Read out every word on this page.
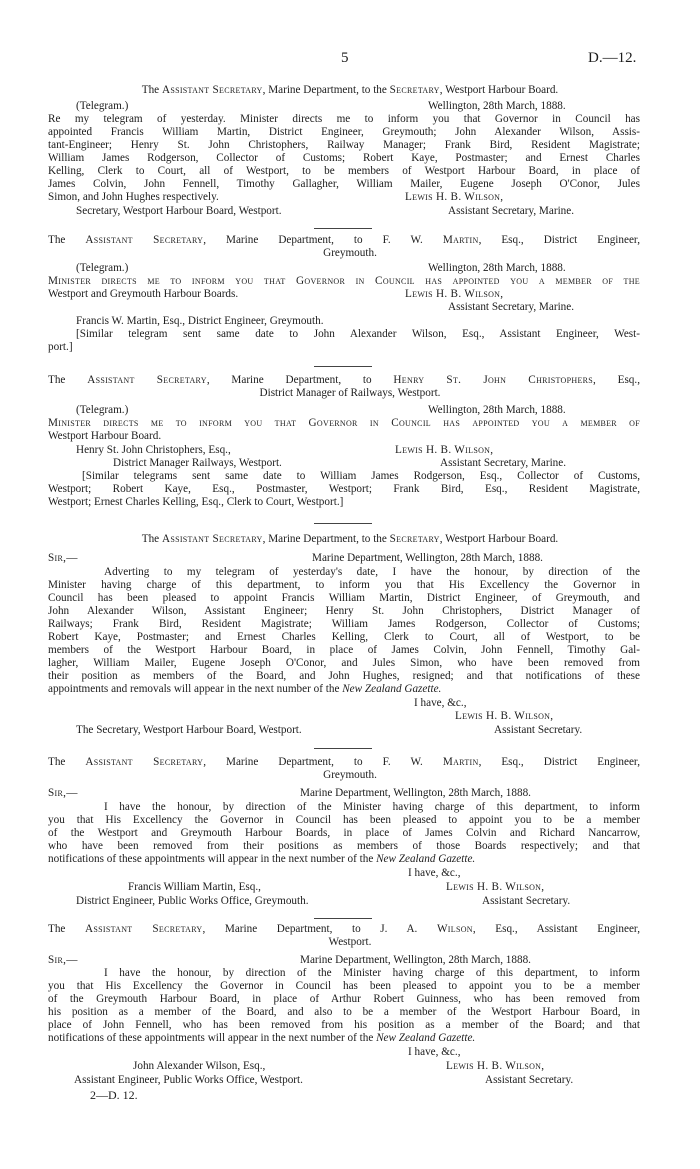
5	D.—12.
The Assistant Secretary, Marine Department, to the Secretary, Westport Harbour Board.
(Telegram.)	Wellington, 28th March, 1888.
Re my telegram of yesterday. Minister directs me to inform you that Governor in Council has
appointed Francis William Martin, District Engineer, Greymouth; John Alexander Wilson, Assis-
tant-Engineer; Henry St. John Christophers, Railway Manager; Frank Bird, Resident Magistrate;
William James Rodgerson, Collector of Customs; Robert Kaye, Postmaster; and Ernest Charles
Kelling, Clerk to Court, all of Westport, to be members of Westport Harbour Board, in place of
James Colvin, John Fennell, Timothy Gallagher, William Mailer, Eugene Joseph O'Conor, Jules
Simon, and John Hughes respectively.	Lewis H. B. Wilson,
Secretary, Westport Harbour Board, Westport.	Assistant Secretary, Marine.
The Assistant Secretary, Marine Department, to F. W. Martin, Esq., District Engineer,
Greymouth.
(Telegram.)	Wellington, 28th March, 1888.
Minister directs me to inform you that Governor in Council has appointed you a member of the
Westport and Greymouth Harbour Boards.	Lewis H. B. Wilson,
Assistant Secretary, Marine.
Francis W. Martin, Esq., District Engineer, Greymouth.
[Similar telegram sent same date to John Alexander Wilson, Esq., Assistant Engineer, West-
port.]
The Assistant Secretary, Marine Department, to Henry St. John Christophers, Esq.,
District Manager of Railways, Westport.
(Telegram.)	Wellington, 28th March, 1888.
Minister directs me to inform you that Governor in Council has appointed you a member of
Westport Harbour Board.
Henry St. John Christophers, Esq.,	Lewis H. B. Wilson,
District Manager Railways, Westport.	Assistant Secretary, Marine.
[Similar telegrams sent same date to William James Rodgerson, Esq., Collector of Customs,
Westport; Robert Kaye, Esq., Postmaster, Westport; Frank Bird, Esq., Resident Magistrate,
Westport; Ernest Charles Kelling, Esq., Clerk to Court, Westport.]
The Assistant Secretary, Marine Department, to the Secretary, Westport Harbour Board.
Sir,—	Marine Department, Wellington, 28th March, 1888.
Adverting to my telegram of yesterday's date, I have the honour, by direction of the
Minister having charge of this department, to inform you that His Excellency the Governor in
Council has been pleased to appoint Francis William Martin, District Engineer, of Greymouth, and
John Alexander Wilson, Assistant Engineer; Henry St. John Christophers, District Manager of
Railways; Frank Bird, Resident Magistrate; William James Rodgerson, Collector of Customs;
Robert Kaye, Postmaster; and Ernest Charles Kelling, Clerk to Court, all of Westport, to be
members of the Westport Harbour Board, in place of James Colvin, John Fennell, Timothy Gal-
lagher, William Mailer, Eugene Joseph O'Conor, and Jules Simon, who have been removed from
their position as members of the Board, and John Hughes, resigned; and that notifications of these
appointments and removals will appear in the next number of the New Zealand Gazette.
I have, &c.,
Lewis H. B. Wilson,
The Secretary, Westport Harbour Board, Westport.	Assistant Secretary.
The Assistant Secretary, Marine Department, to F. W. Martin, Esq., District Engineer,
Greymouth.
Sir,—	Marine Department, Wellington, 28th March, 1888.
I have the honour, by direction of the Minister having charge of this department, to inform
you that His Excellency the Governor in Council has been pleased to appoint you to be a member
of the Westport and Greymouth Harbour Boards, in place of James Colvin and Richard Nancarrow,
who have been removed from their positions as members of those Boards respectively; and that
notifications of these appointments will appear in the next number of the New Zealand Gazette.
I have, &c.,
Francis William Martin, Esq.,	Lewis H. B. Wilson,
District Engineer, Public Works Office, Greymouth.	Assistant Secretary.
The Assistant Secretary, Marine Department, to J. A. Wilson, Esq., Assistant Engineer,
Westport.
Sir,—	Marine Department, Wellington, 28th March, 1888.
I have the honour, by direction of the Minister having charge of this department, to inform
you that His Excellency the Governor in Council has been pleased to appoint you to be a member
of the Greymouth Harbour Board, in place of Arthur Robert Guinness, who has been removed from
his position as a member of the Board, and also to be a member of the Westport Harbour Board, in
place of John Fennell, who has been removed from his position as a member of the Board; and that
notifications of these appointments will appear in the next number of the New Zealand Gazette.
I have, &c.,
John Alexander Wilson, Esq.,	Lewis H. B. Wilson,
Assistant Engineer, Public Works Office, Westport.	Assistant Secretary.
2—D. 12.
